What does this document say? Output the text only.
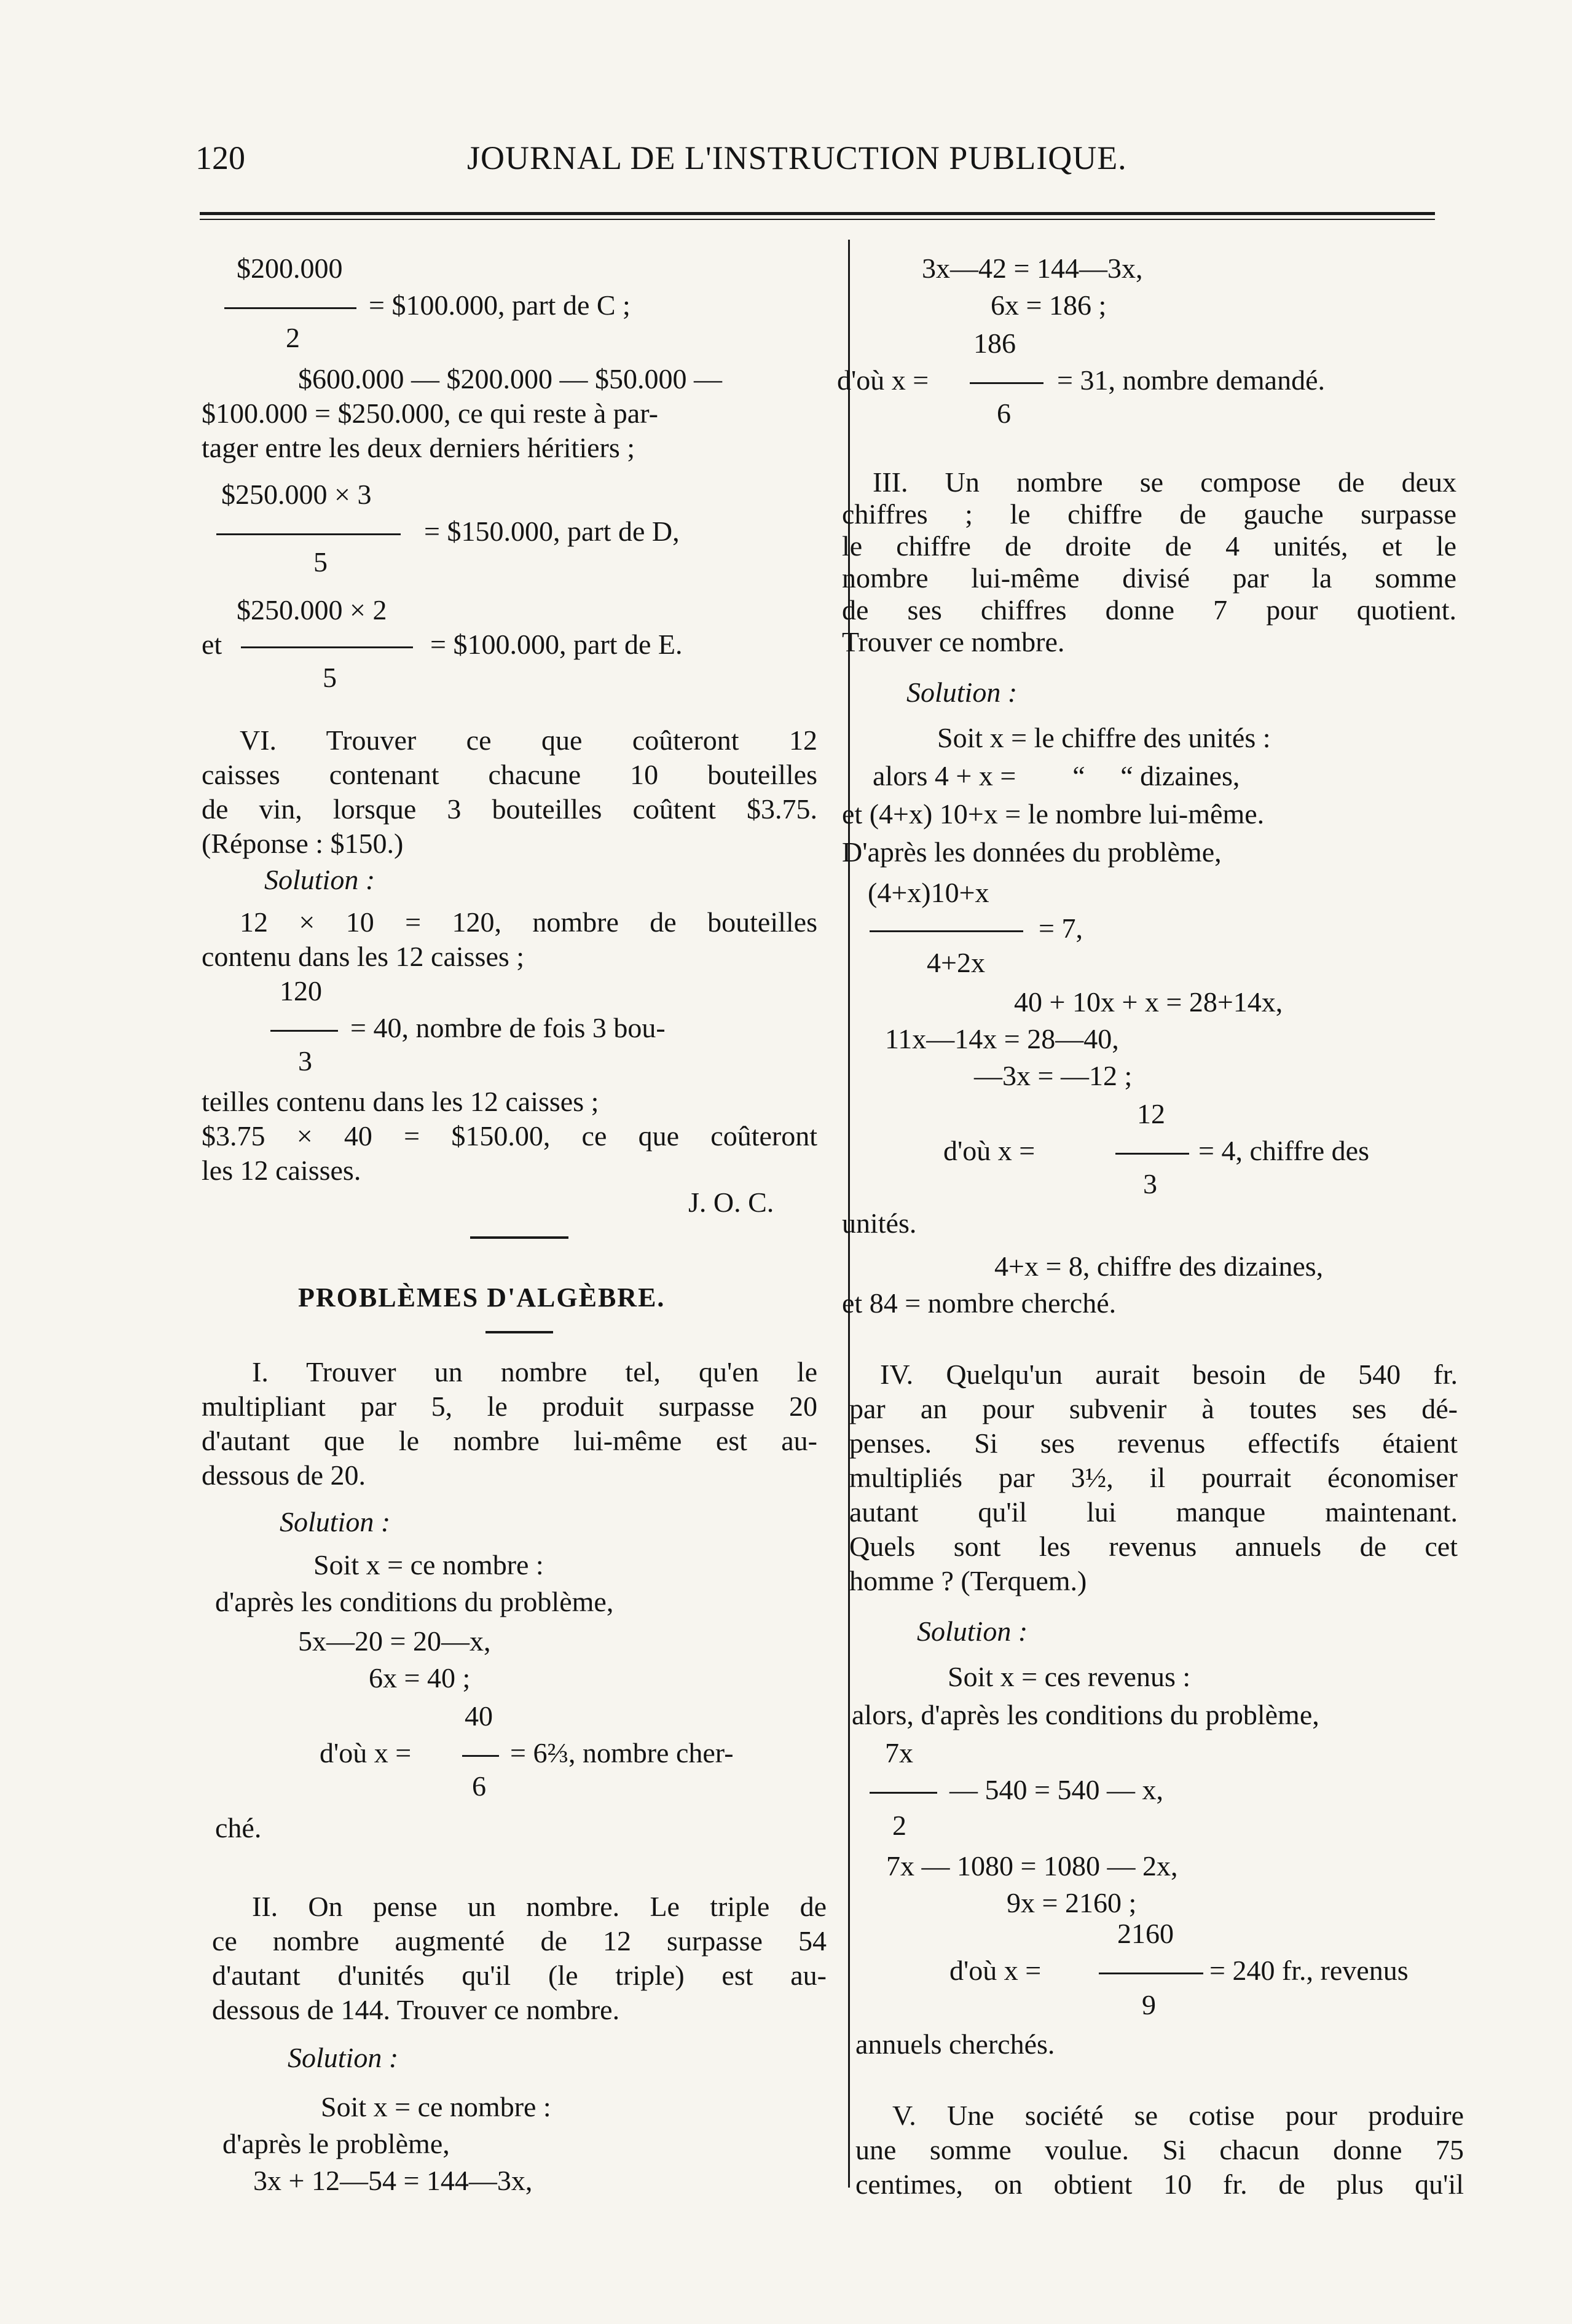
120	JOURNAL DE L'INSTRUCTION PUBLIQUE.
$200.000
= $100.000, part de C ;
2
$600.000 — $200.000 — $50.000 —
$100.000 = $250.000, ce qui reste à par-
tager entre les deux derniers héritiers ;
$250.000 × 3
= $150.000, part de D,
5
$250.000 × 2
et	= $100.000, part de E.
5
VI. Trouver ce que coûteront 12
caisses contenant chacune 10 bouteilles
de vin, lorsque 3 bouteilles coûtent $3.75.
(Réponse : $150.)
Solution :
12 × 10 = 120, nombre de bouteilles
contenu dans les 12 caisses ;
120
= 40, nombre de fois 3 bou-
3
teilles contenu dans les 12 caisses ;
$3.75 × 40 = $150.00, ce que coûteront
les 12 caisses.
J. O. C.
PROBLÈMES D'ALGÈBRE.
I. Trouver un nombre tel, qu'en le
multipliant par 5, le produit surpasse 20
d'autant que le nombre lui-même est au-
dessous de 20.
Solution :
Soit x = ce nombre :
d'après les conditions du problème,
5x—20 = 20—x,
6x = 40 ;
40
d'où x =	= 6⅔, nombre cher-
6
ché.
II. On pense un nombre. Le triple de
ce nombre augmenté de 12 surpasse 54
d'autant d'unités qu'il (le triple) est au-
dessous de 144. Trouver ce nombre.
Solution :
Soit x = ce nombre :
d'après le problème,
3x + 12—54 = 144—3x,
3x—42 = 144—3x,
6x = 186 ;
186
d'où x =	= 31, nombre demandé.
6
III. Un nombre se compose de deux
chiffres ; le chiffre de gauche surpasse
le chiffre de droite de 4 unités, et le
nombre lui-même divisé par la somme
de ses chiffres donne 7 pour quotient.
Trouver ce nombre.
Solution :
Soit x = le chiffre des unités :
alors 4 + x =        “     “ dizaines,
et (4+x) 10+x = le nombre lui-même.
D'après les données du problème,
(4+x)10+x
= 7,
4+2x
40 + 10x + x = 28+14x,
11x—14x = 28—40,
—3x = —12 ;
12
d'où x =	= 4, chiffre des
3
unités.
4+x = 8, chiffre des dizaines,
et 84 = nombre cherché.
IV. Quelqu'un aurait besoin de 540 fr.
par an pour subvenir à toutes ses dé-
penses. Si ses revenus effectifs étaient
multipliés par 3½, il pourrait économiser
autant qu'il lui manque maintenant.
Quels sont les revenus annuels de cet
homme ? (Terquem.)
Solution :
Soit x = ces revenus :
alors, d'après les conditions du problème,
7x
— 540 = 540 — x,
2
7x — 1080 = 1080 — 2x,
9x = 2160 ;
2160
d'où x =	= 240 fr., revenus
9
annuels cherchés.
V. Une société se cotise pour produire
une somme voulue. Si chacun donne 75
centimes, on obtient 10 fr. de plus qu'il
